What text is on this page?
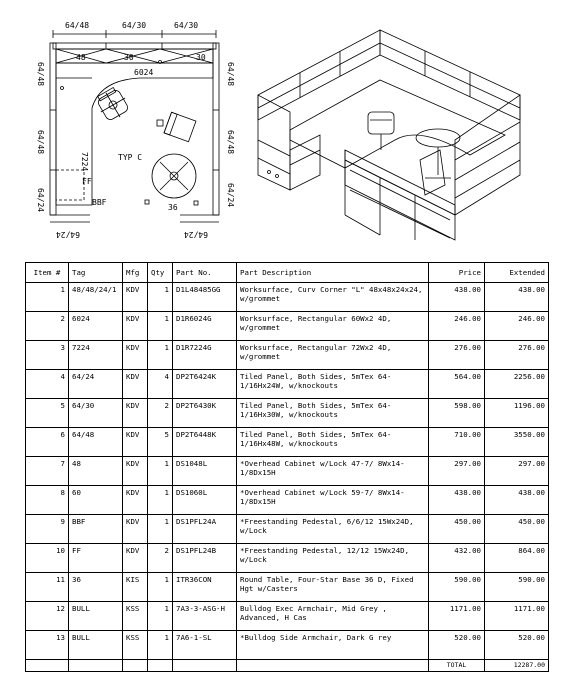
64/48	64/30	64/30
64/48
64/48
64/24
64/48
64/48
64/24
64/24	64/24
TYP C
7224
6024
FF
BBF
48
36
30	30
Item #	Tag	Mfg	Qty	Part No.	Part Description	Price	Extended
1	48/48/24/1	KDV	1	D1L48485GG	Worksurface, Curv Corner "L" 48x48x24x24, w/grommet	438.00	438.00
2	6024	KDV	1	D1R6024G	Worksurface, Rectangular 60Wx2 4D, w/grommet	246.00	246.00
3	7224	KDV	1	D1R7224G	Worksurface, Rectangular 72Wx2 4D, w/grommet	276.00	276.00
4	64/24	KDV	4	DP2T6424K	Tiled Panel, Both Sides, 5mTex 64-1/16Hx24W, w/knockouts	564.00	2256.00
5	64/30	KDV	2	DP2T6430K	Tiled Panel, Both Sides, 5mTex 64-1/16Hx30W, w/knockouts	598.00	1196.00
6	64/48	KDV	5	DP2T6448K	Tiled Panel, Both Sides, 5mTex 64-1/16Hx48W, w/knockouts	710.00	3550.00
7	48	KDV	1	DS1048L	*Overhead Cabinet w/Lock 47-7/ 8Wx14-1/8Dx15H	297.00	297.00
8	60	KDV	1	DS1060L	*Overhead Cabinet w/Lock 59-7/ 8Wx14-1/8Dx15H	438.00	438.00
9	BBF	KDV	1	DS1PFL24A	*Freestanding Pedestal, 6/6/12 15Wx24D, w/Lock	450.00	450.00
10	FF	KDV	2	DS1PFL24B	*Freestanding Pedestal, 12/12 15Wx24D, w/Lock	432.00	864.00
11	36	KIS	1	ITR36CON	Round Table, Four-Star Base 36 D, Fixed Hgt w/Casters	590.00	590.00
12	BULL	KSS	1	7A3-3-ASG-H	Bulldog Exec Armchair, Mid Grey , Advanced, H Cas	1171.00	1171.00
13	BULL	KSS	1	7A6-1-SL	*Bulldog Side Armchair, Dark G rey	520.00	520.00
						TOTAL	12287.00
